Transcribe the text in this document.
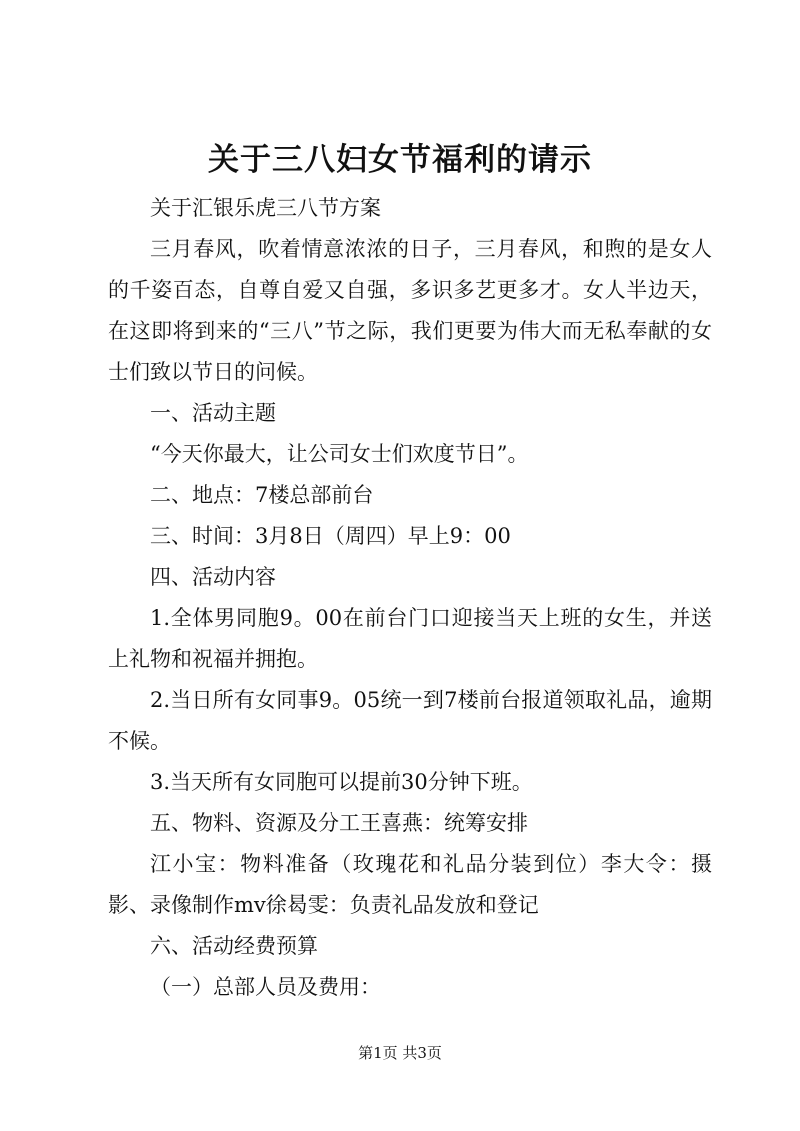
关于三八妇女节福利的请示

关于汇银乐虎三八节方案

三月春风，吹着情意浓浓的日子，三月春风，和煦的是女人的千姿百态，自尊自爱又自强，多识多艺更多才。女人半边天，在这即将到来的“三八”节之际，我们更要为伟大而无私奉献的女士们致以节日的问候。

一、活动主题

“今天你最大，让公司女士们欢度节日”。

二、地点：7楼总部前台

三、时间：3月8日（周四）早上9：00

四、活动内容

1.全体男同胞9。00在前台门口迎接当天上班的女生，并送上礼物和祝福并拥抱。

2.当日所有女同事9。05统一到7楼前台报道领取礼品，逾期不候。

3.当天所有女同胞可以提前30分钟下班。

五、物料、资源及分工王喜燕：统筹安排

江小宝：物料准备（玫瑰花和礼品分装到位）李大令：摄影、录像制作mv徐曷雯：负责礼品发放和登记

六、活动经费预算

（一）总部人员及费用：

第1页 共3页
